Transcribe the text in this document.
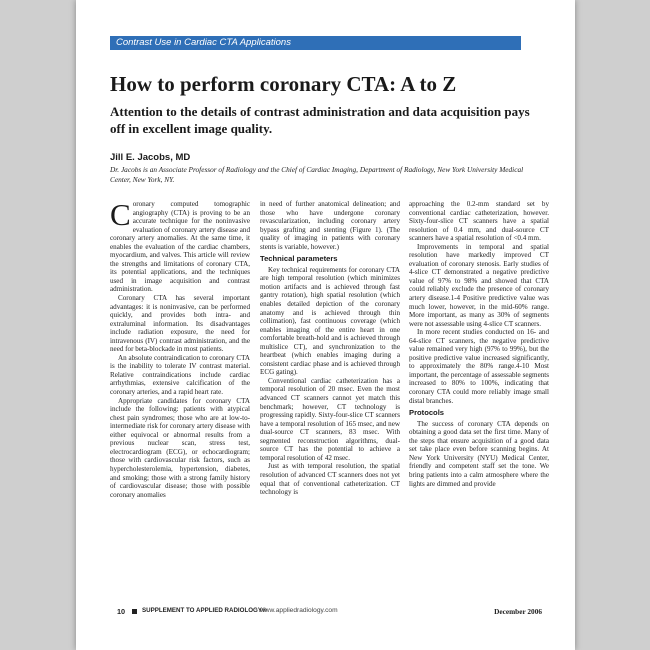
Contrast Use in Cardiac CTA Applications
How to perform coronary CTA: A to Z
Attention to the details of contrast administration and data acquisition pays off in excellent image quality.
Jill E. Jacobs, MD
Dr. Jacobs is an Associate Professor of Radiology and the Chief of Cardiac Imaging, Department of Radiology, New York University Medical Center, New York, NY.

Coronary computed tomographic angiography (CTA) is proving to be an accurate technique for the noninvasive evaluation of coronary artery disease and coronary artery anomalies. At the same time, it enables the evaluation of the cardiac chambers, myocardium, and valves. This article will review the strengths and limitations of coronary CTA, its potential applications, and the techniques used in image acquisition and contrast administration.

Coronary CTA has several important advantages: it is noninvasive, can be performed quickly, and provides both intra- and extraluminal information. Its disadvantages include radiation exposure, the need for intravenous (IV) contrast administration, and the need for beta-blockade in most patients.

An absolute contraindication to coronary CTA is the inability to tolerate IV contrast material. Relative contraindications include cardiac arrhythmias, extensive calcification of the coronary arteries, and a rapid heart rate.

Appropriate candidates for coronary CTA include the following: patients with atypical chest pain syndromes; those who are at low-to-intermediate risk for coronary artery disease with either equivocal or abnormal results from a previous nuclear scan, stress test, electrocardiogram (ECG), or echocardiogram; those with cardiovascular risk factors, such as hypercholesterolemia, hypertension, diabetes, and smoking; those with a strong family history of cardiovascular disease; those with possible coronary anomalies

in need of further anatomical delineation; and those who have undergone coronary revascularization, including coronary artery bypass grafting and stenting (Figure 1). (The quality of imaging in patients with coronary stents is variable, however.)

Technical parameters

Key technical requirements for coronary CTA are high temporal resolution (which minimizes motion artifacts and is achieved through fast gantry rotation), high spatial resolution (which enables detailed depiction of the coronary anatomy and is achieved through thin collimation), fast continuous coverage (which enables imaging of the entire heart in one comfortable breath-hold and is achieved through multislice CT), and synchronization to the heartbeat (which enables imaging during a consistent cardiac phase and is achieved through ECG gating).

Conventional cardiac catheterization has a temporal resolution of 20 msec. Even the most advanced CT scanners cannot yet match this benchmark; however, CT technology is progressing rapidly. Sixty-four-slice CT scanners have a temporal resolution of 165 msec, and new dual-source CT scanners, 83 msec. With segmented reconstruction algorithms, dual-source CT has the potential to achieve a temporal resolution of 42 msec.

Just as with temporal resolution, the spatial resolution of advanced CT scanners does not yet equal that of conventional catheterization. CT technology is

approaching the 0.2-mm standard set by conventional cardiac catheterization, however. Sixty-four-slice CT scanners have a spatial resolution of 0.4 mm, and dual-source CT scanners have a spatial resolution of <0.4 mm.

Improvements in temporal and spatial resolution have markedly improved CT evaluation of coronary stenosis. Early studies of 4-slice CT demonstrated a negative predictive value of 97% to 98% and showed that CTA could reliably exclude the presence of coronary artery disease.1-4 Positive predictive value was much lower, however, in the mid-60% range. More important, as many as 30% of segments were not assessable using 4-slice CT scanners.

In more recent studies conducted on 16- and 64-slice CT scanners, the negative predictive value remained very high (97% to 99%), but the positive predictive value increased significantly, to approximately the 80% range.4-10 Most important, the percentage of assessable segments increased to 80% to 100%, indicating that coronary CTA could more reliably image small distal branches.

Protocols

The success of coronary CTA depends on obtaining a good data set the first time. Many of the steps that ensure acquisition of a good data set take place even before scanning begins. At New York University (NYU) Medical Center, friendly and competent staff set the tone. We bring patients into a calm atmosphere where the lights are dimmed and provide

10	SUPPLEMENT TO APPLIED RADIOLOGY®
www.appliedradiology.com	December 2006
